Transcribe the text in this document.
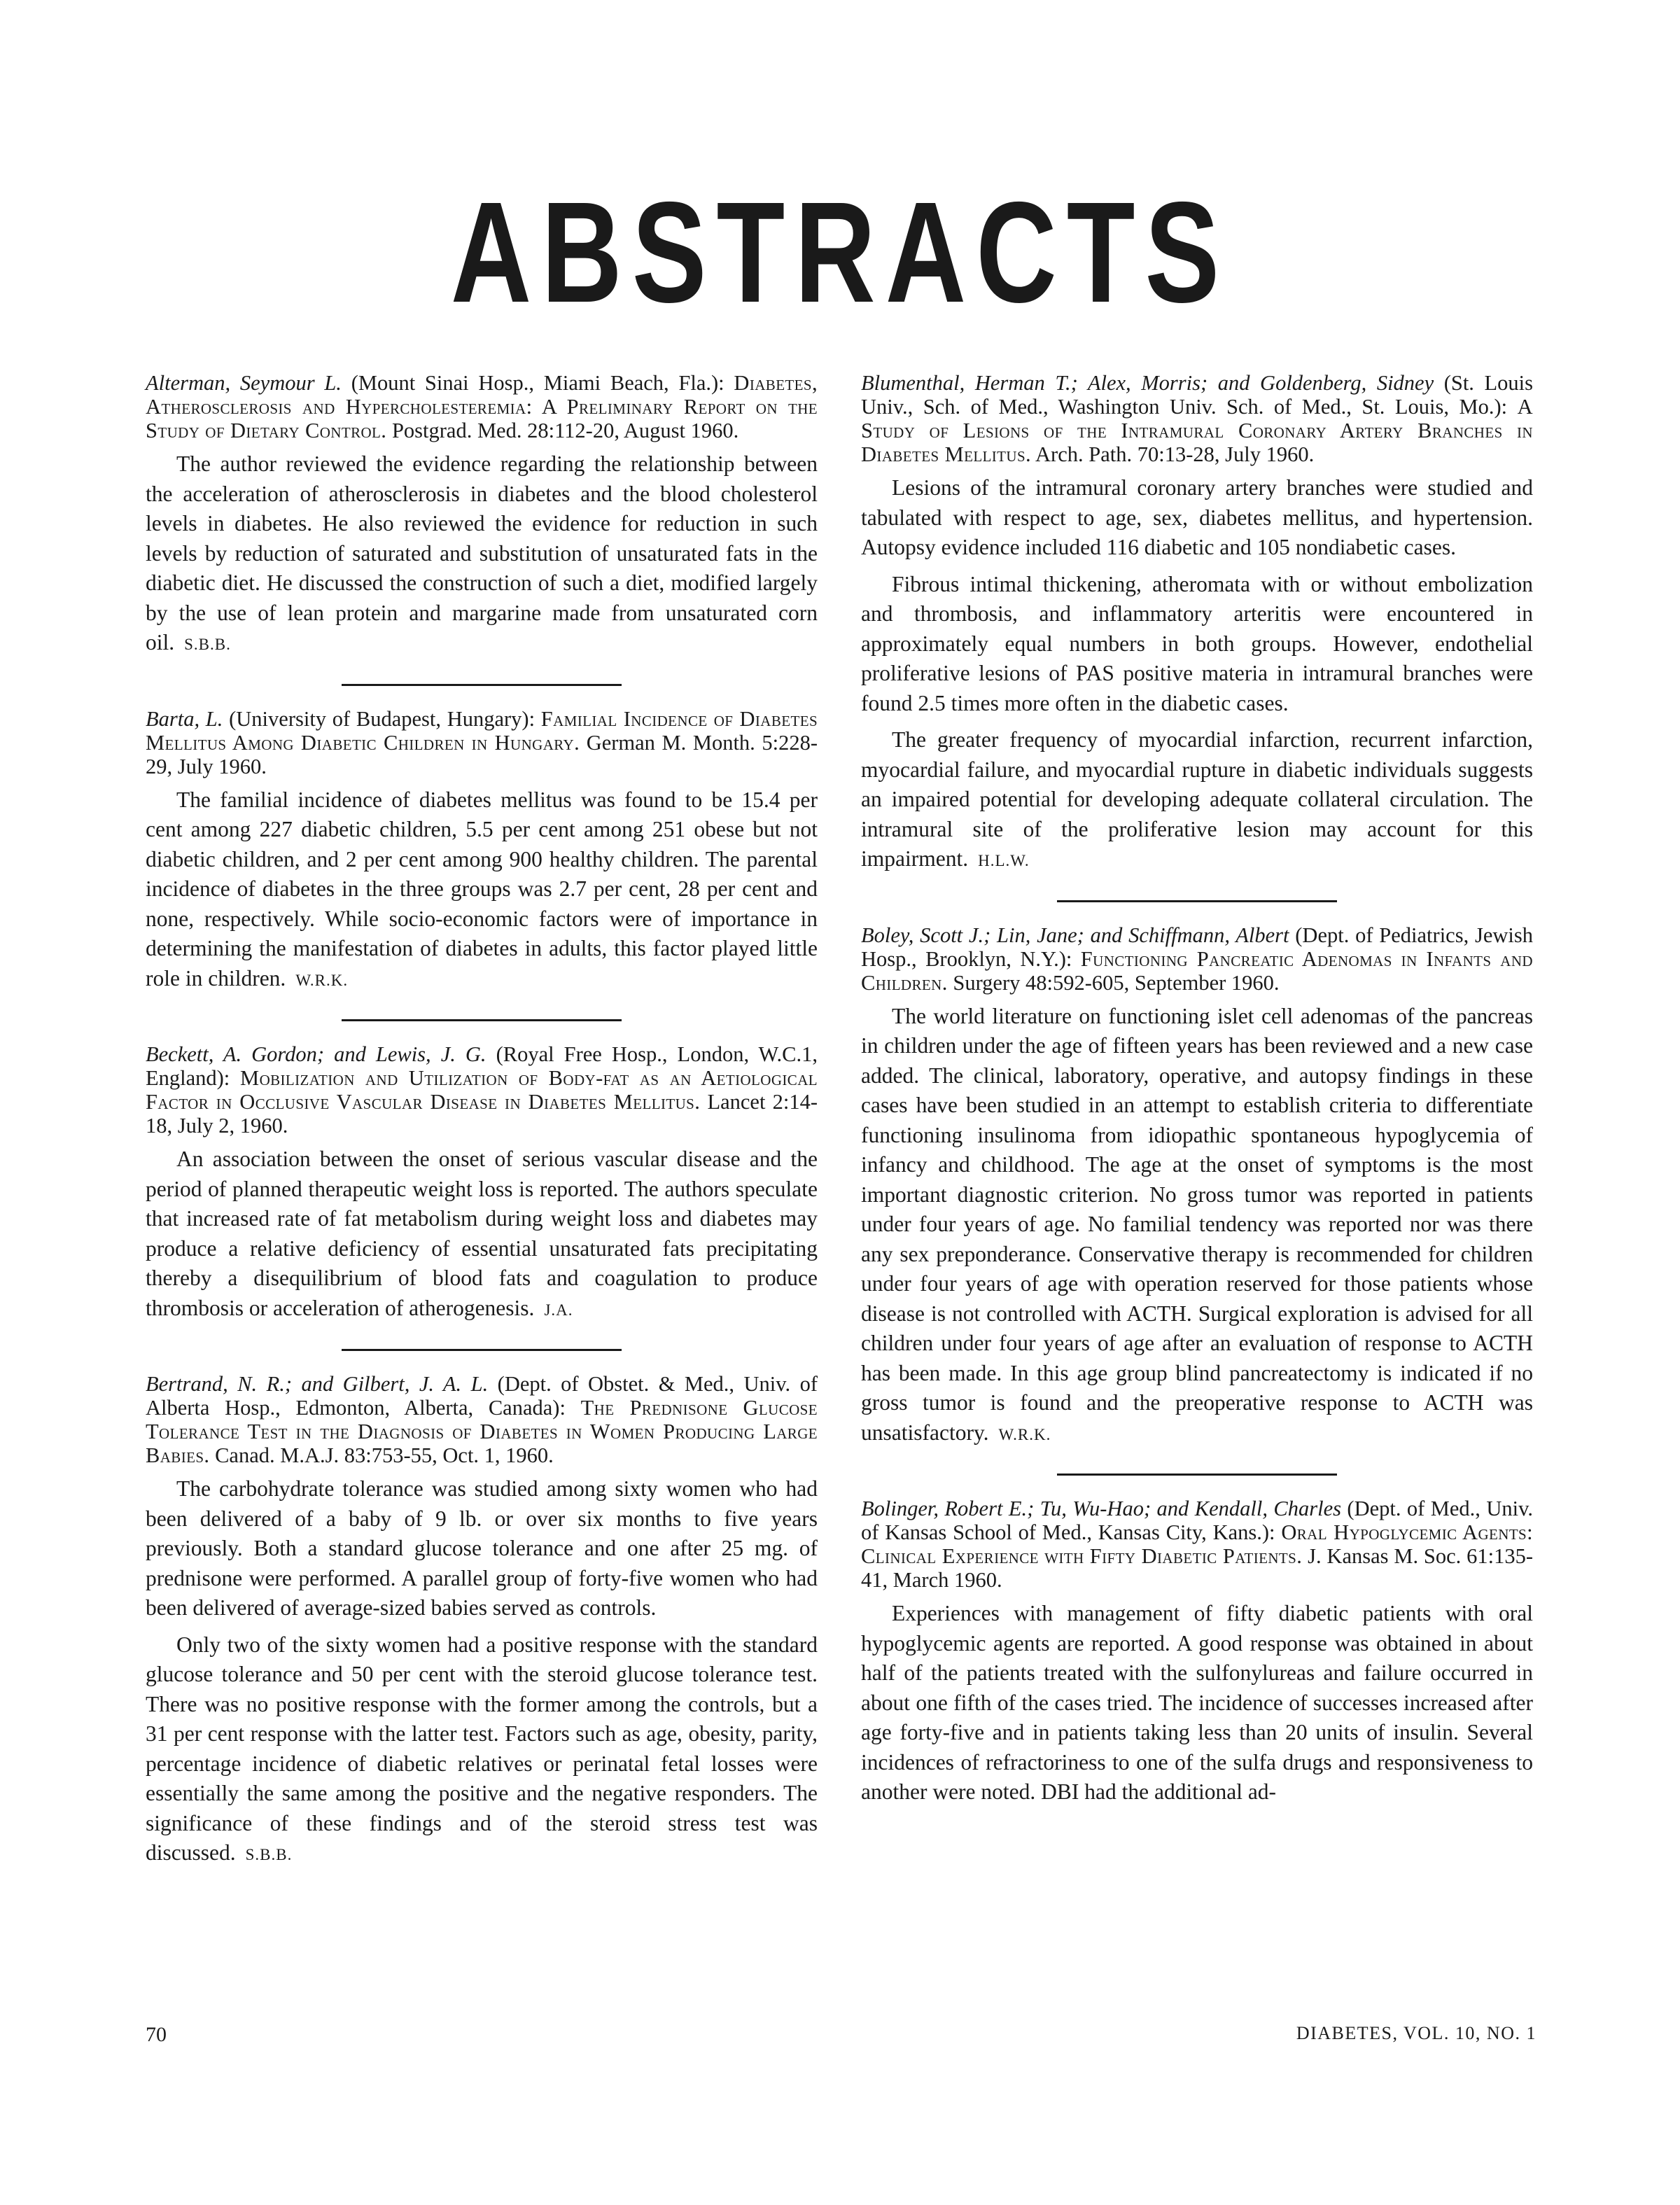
ABSTRACTS

Alterman, Seymour L. (Mount Sinai Hosp., Miami Beach, Fla.): Diabetes, Atherosclerosis and Hypercholesteremia: A Preliminary Report on the Study of Dietary Control. Postgrad. Med. 28:112-20, August 1960.

The author reviewed the evidence regarding the relationship between the acceleration of atherosclerosis in diabetes and the blood cholesterol levels in diabetes. He also reviewed the evidence for reduction in such levels by reduction of saturated and substitution of unsaturated fats in the diabetic diet. He discussed the construction of such a diet, modified largely by the use of lean protein and margarine made from unsaturated corn oil. S.B.B.

Barta, L. (University of Budapest, Hungary): Familial Incidence of Diabetes Mellitus Among Diabetic Children in Hungary. German M. Month. 5:228-29, July 1960.

The familial incidence of diabetes mellitus was found to be 15.4 per cent among 227 diabetic children, 5.5 per cent among 251 obese but not diabetic children, and 2 per cent among 900 healthy children. The parental incidence of diabetes in the three groups was 2.7 per cent, 28 per cent and none, respectively. While socio-economic factors were of importance in determining the manifestation of diabetes in adults, this factor played little role in children. W.R.K.

Beckett, A. Gordon; and Lewis, J. G. (Royal Free Hosp., London, W.C.1, England): Mobilization and Utilization of Body-fat as an Aetiological Factor in Occlusive Vascular Disease in Diabetes Mellitus. Lancet 2:14-18, July 2, 1960.

An association between the onset of serious vascular disease and the period of planned therapeutic weight loss is reported. The authors speculate that increased rate of fat metabolism during weight loss and diabetes may produce a relative deficiency of essential unsaturated fats precipitating thereby a disequilibrium of blood fats and coagulation to produce thrombosis or acceleration of atherogenesis. J.A.

Bertrand, N. R.; and Gilbert, J. A. L. (Dept. of Obstet. & Med., Univ. of Alberta Hosp., Edmonton, Alberta, Canada): The Prednisone Glucose Tolerance Test in the Diagnosis of Diabetes in Women Producing Large Babies. Canad. M.A.J. 83:753-55, Oct. 1, 1960.

The carbohydrate tolerance was studied among sixty women who had been delivered of a baby of 9 lb. or over six months to five years previously. Both a standard glucose tolerance and one after 25 mg. of prednisone were performed. A parallel group of forty-five women who had been delivered of average-sized babies served as controls.

Only two of the sixty women had a positive response with the standard glucose tolerance and 50 per cent with the steroid glucose tolerance test. There was no positive response with the former among the controls, but a 31 per cent response with the latter test. Factors such as age, obesity, parity, percentage incidence of diabetic relatives or perinatal fetal losses were essentially the same among the positive and the negative responders. The significance of these findings and of the steroid stress test was discussed. S.B.B.

Blumenthal, Herman T.; Alex, Morris; and Goldenberg, Sidney (St. Louis Univ., Sch. of Med., Washington Univ. Sch. of Med., St. Louis, Mo.): A Study of Lesions of the Intramural Coronary Artery Branches in Diabetes Mellitus. Arch. Path. 70:13-28, July 1960.

Lesions of the intramural coronary artery branches were studied and tabulated with respect to age, sex, diabetes mellitus, and hypertension. Autopsy evidence included 116 diabetic and 105 nondiabetic cases.

Fibrous intimal thickening, atheromata with or without embolization and thrombosis, and inflammatory arteritis were encountered in approximately equal numbers in both groups. However, endothelial proliferative lesions of PAS positive materia in intramural branches were found 2.5 times more often in the diabetic cases.

The greater frequency of myocardial infarction, recurrent infarction, myocardial failure, and myocardial rupture in diabetic individuals suggests an impaired potential for developing adequate collateral circulation. The intramural site of the proliferative lesion may account for this impairment. H.L.W.

Boley, Scott J.; Lin, Jane; and Schiffmann, Albert (Dept. of Pediatrics, Jewish Hosp., Brooklyn, N.Y.): Functioning Pancreatic Adenomas in Infants and Children. Surgery 48:592-605, September 1960.

The world literature on functioning islet cell adenomas of the pancreas in children under the age of fifteen years has been reviewed and a new case added. The clinical, laboratory, operative, and autopsy findings in these cases have been studied in an attempt to establish criteria to differentiate functioning insulinoma from idiopathic spontaneous hypoglycemia of infancy and childhood. The age at the onset of symptoms is the most important diagnostic criterion. No gross tumor was reported in patients under four years of age. No familial tendency was reported nor was there any sex preponderance. Conservative therapy is recommended for children under four years of age with operation reserved for those patients whose disease is not controlled with ACTH. Surgical exploration is advised for all children under four years of age after an evaluation of response to ACTH has been made. In this age group blind pancreatectomy is indicated if no gross tumor is found and the preoperative response to ACTH was unsatisfactory. W.R.K.

Bolinger, Robert E.; Tu, Wu-Hao; and Kendall, Charles (Dept. of Med., Univ. of Kansas School of Med., Kansas City, Kans.): Oral Hypoglycemic Agents: Clinical Experience with Fifty Diabetic Patients. J. Kansas M. Soc. 61:135-41, March 1960.

Experiences with management of fifty diabetic patients with oral hypoglycemic agents are reported. A good response was obtained in about half of the patients treated with the sulfonylureas and failure occurred in about one fifth of the cases tried. The incidence of successes increased after age forty-five and in patients taking less than 20 units of insulin. Several incidences of refractoriness to one of the sulfa drugs and responsiveness to another were noted. DBI had the additional ad-

70	DIABETES, VOL. 10, NO. 1
